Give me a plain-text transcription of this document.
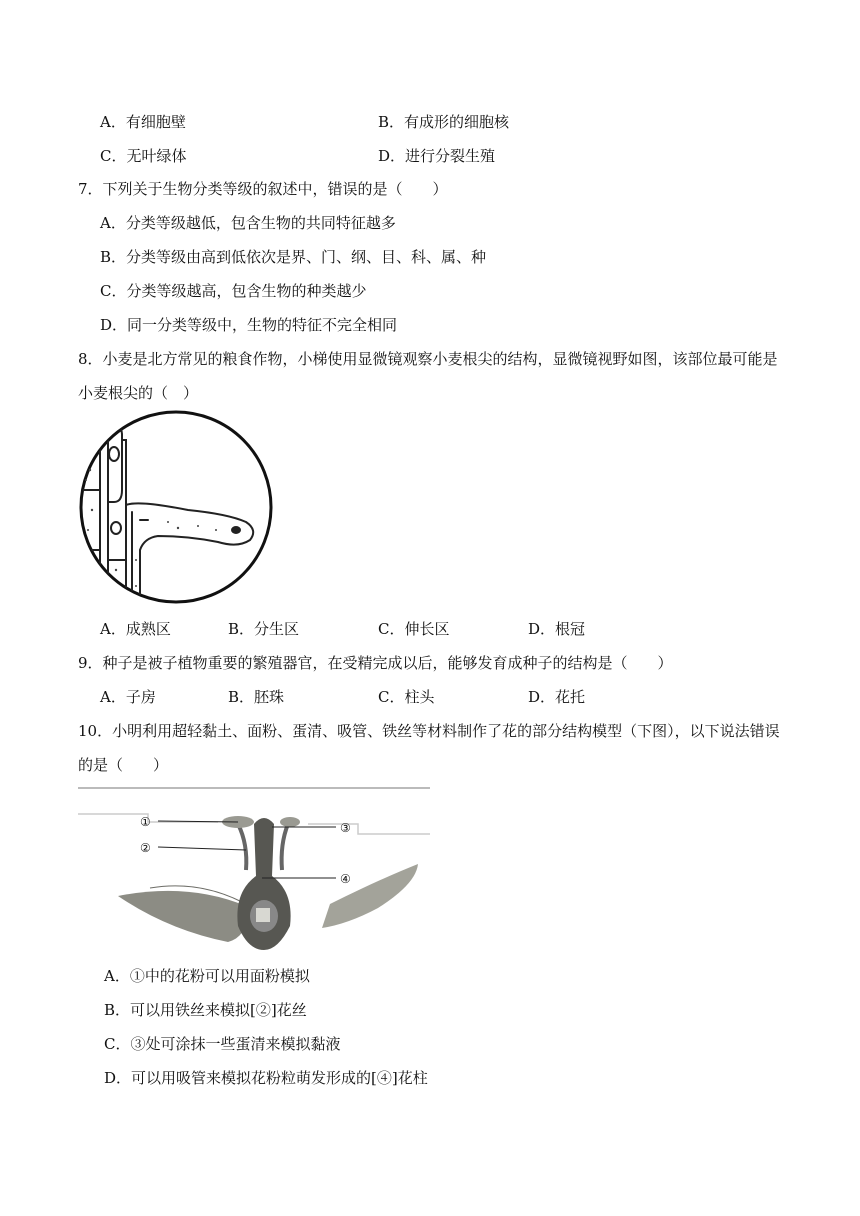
A．有细胞壁	B．有成形的细胞核
C．无叶绿体	D．进行分裂生殖
7．下列关于生物分类等级的叙述中，错误的是（　　）
A．分类等级越低，包含生物的共同特征越多
B．分类等级由高到低依次是界、门、纲、目、科、属、种
C．分类等级越高，包含生物的种类越少
D．同一分类等级中，生物的特征不完全相同
8．小麦是北方常见的粮食作物，小梯使用显微镜观察小麦根尖的结构，显微镜视野如图，该部位最可能是
小麦根尖的（　）
A．成熟区	B．分生区	C．伸长区	D．根冠
9．种子是被子植物重要的繁殖器官，在受精完成以后，能够发育成种子的结构是（　　）
A．子房	B．胚珠	C．柱头	D．花托
10．小明利用超轻黏土、面粉、蛋清、吸管、铁丝等材料制作了花的部分结构模型（下图），以下说法错误
的是（　　）
①
②
③
④
A．①中的花粉可以用面粉模拟
B．可以用铁丝来模拟[②]花丝
C．③处可涂抹一些蛋清来模拟黏液
D．可以用吸管来模拟花粉粒萌发形成的[④]花柱
